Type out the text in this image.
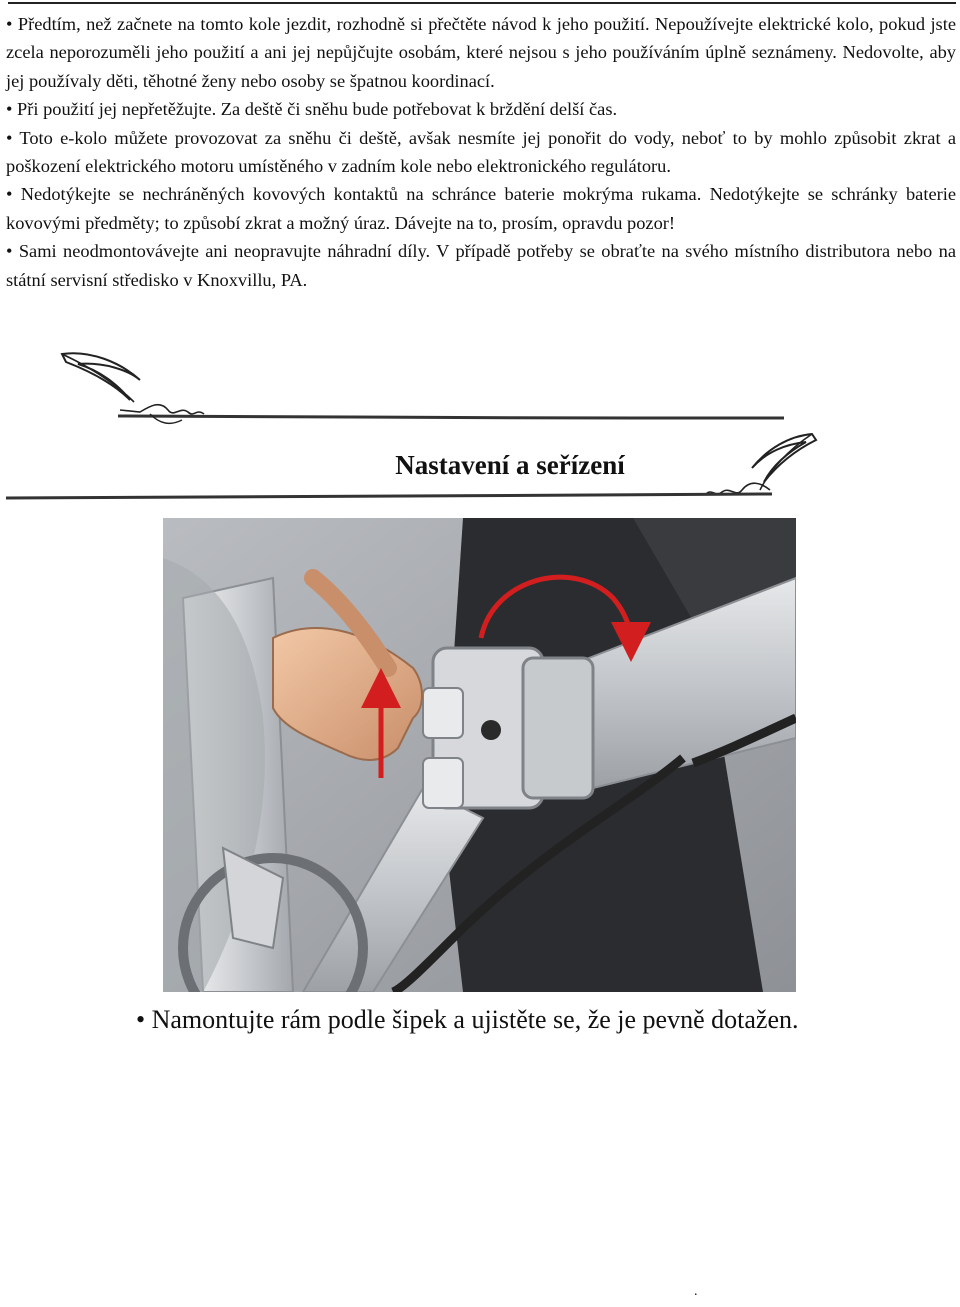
• Předtím, než začnete na tomto kole jezdit, rozhodně si přečtěte návod k jeho použití. Nepoužívejte elektrické kolo, pokud jste zcela neporozuměli jeho použití a ani jej nepůjčujte osobám, které nejsou s jeho používáním úplně seznámeny. Nedovolte, aby jej používaly děti, těhotné ženy nebo osoby se špatnou koordinací.

• Při použití jej nepřetěžujte. Za deště či sněhu bude potřebovat k brždění delší čas.

• Toto e-kolo můžete provozovat za sněhu či deště, avšak nesmíte jej ponořit do vody, neboť to by mohlo způsobit zkrat a poškození elektrického motoru umístěného v zadním kole nebo elektronického regulátoru.

• Nedotýkejte se nechráněných kovových kontaktů na schránce baterie mokrýma rukama. Nedotýkejte se schránky baterie kovovými předměty; to způsobí zkrat a možný úraz. Dávejte na to, prosím, opravdu pozor!

• Sami neodmontovávejte ani neopravujte náhradní díly. V případě potřeby se obraťte na svého místního distributora nebo na státní servisní středisko v Knoxvillu, PA.

Nastavení a seřízení
• Namontujte rám podle šipek a ujistěte se, že je pevně dotažen.
.
